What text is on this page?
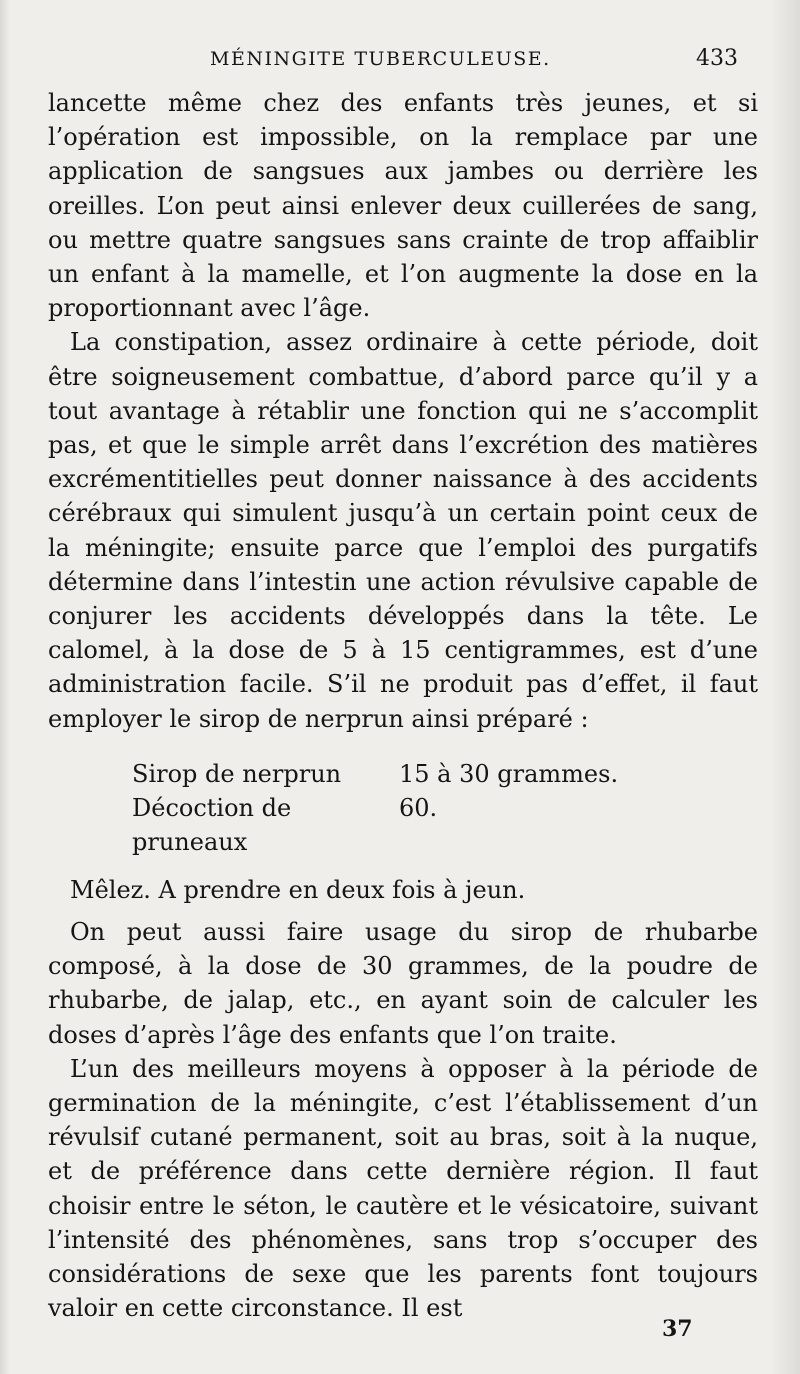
MÉNINGITE TUBERCULEUSE.	433

lancette même chez des enfants très jeunes, et si l’opération est impossible, on la remplace par une application de sangsues aux jambes ou derrière les oreilles. L’on peut ainsi enlever deux cuillerées de sang, ou mettre quatre sangsues sans crainte de trop affaiblir un enfant à la mamelle, et l’on augmente la dose en la proportionnant avec l’âge.

La constipation, assez ordinaire à cette période, doit être soigneusement combattue, d’abord parce qu’il y a tout avantage à rétablir une fonction qui ne s’accomplit pas, et que le simple arrêt dans l’excrétion des matières excrémentitielles peut donner naissance à des accidents cérébraux qui simulent jusqu’à un certain point ceux de la méningite; ensuite parce que l’emploi des purgatifs détermine dans l’intestin une action révulsive capable de conjurer les accidents développés dans la tête. Le calomel, à la dose de 5 à 15 centigrammes, est d’une administration facile. S’il ne produit pas d’effet, il faut employer le sirop de nerprun ainsi préparé :

Sirop de nerprun	15 à 30 grammes.
Décoction de pruneaux
60.

Mêlez. A prendre en deux fois à jeun.

On peut aussi faire usage du sirop de rhubarbe composé, à la dose de 30 grammes, de la poudre de rhubarbe, de jalap, etc., en ayant soin de calculer les doses d’après l’âge des enfants que l’on traite.

L’un des meilleurs moyens à opposer à la période de germination de la méningite, c’est l’établissement d’un révulsif cutané permanent, soit au bras, soit à la nuque, et de préférence dans cette dernière région. Il faut choisir entre le séton, le cautère et le vésicatoire, suivant l’intensité des phénomènes, sans trop s’occuper des considérations de sexe que les parents font toujours valoir en cette circonstance. Il est

37
